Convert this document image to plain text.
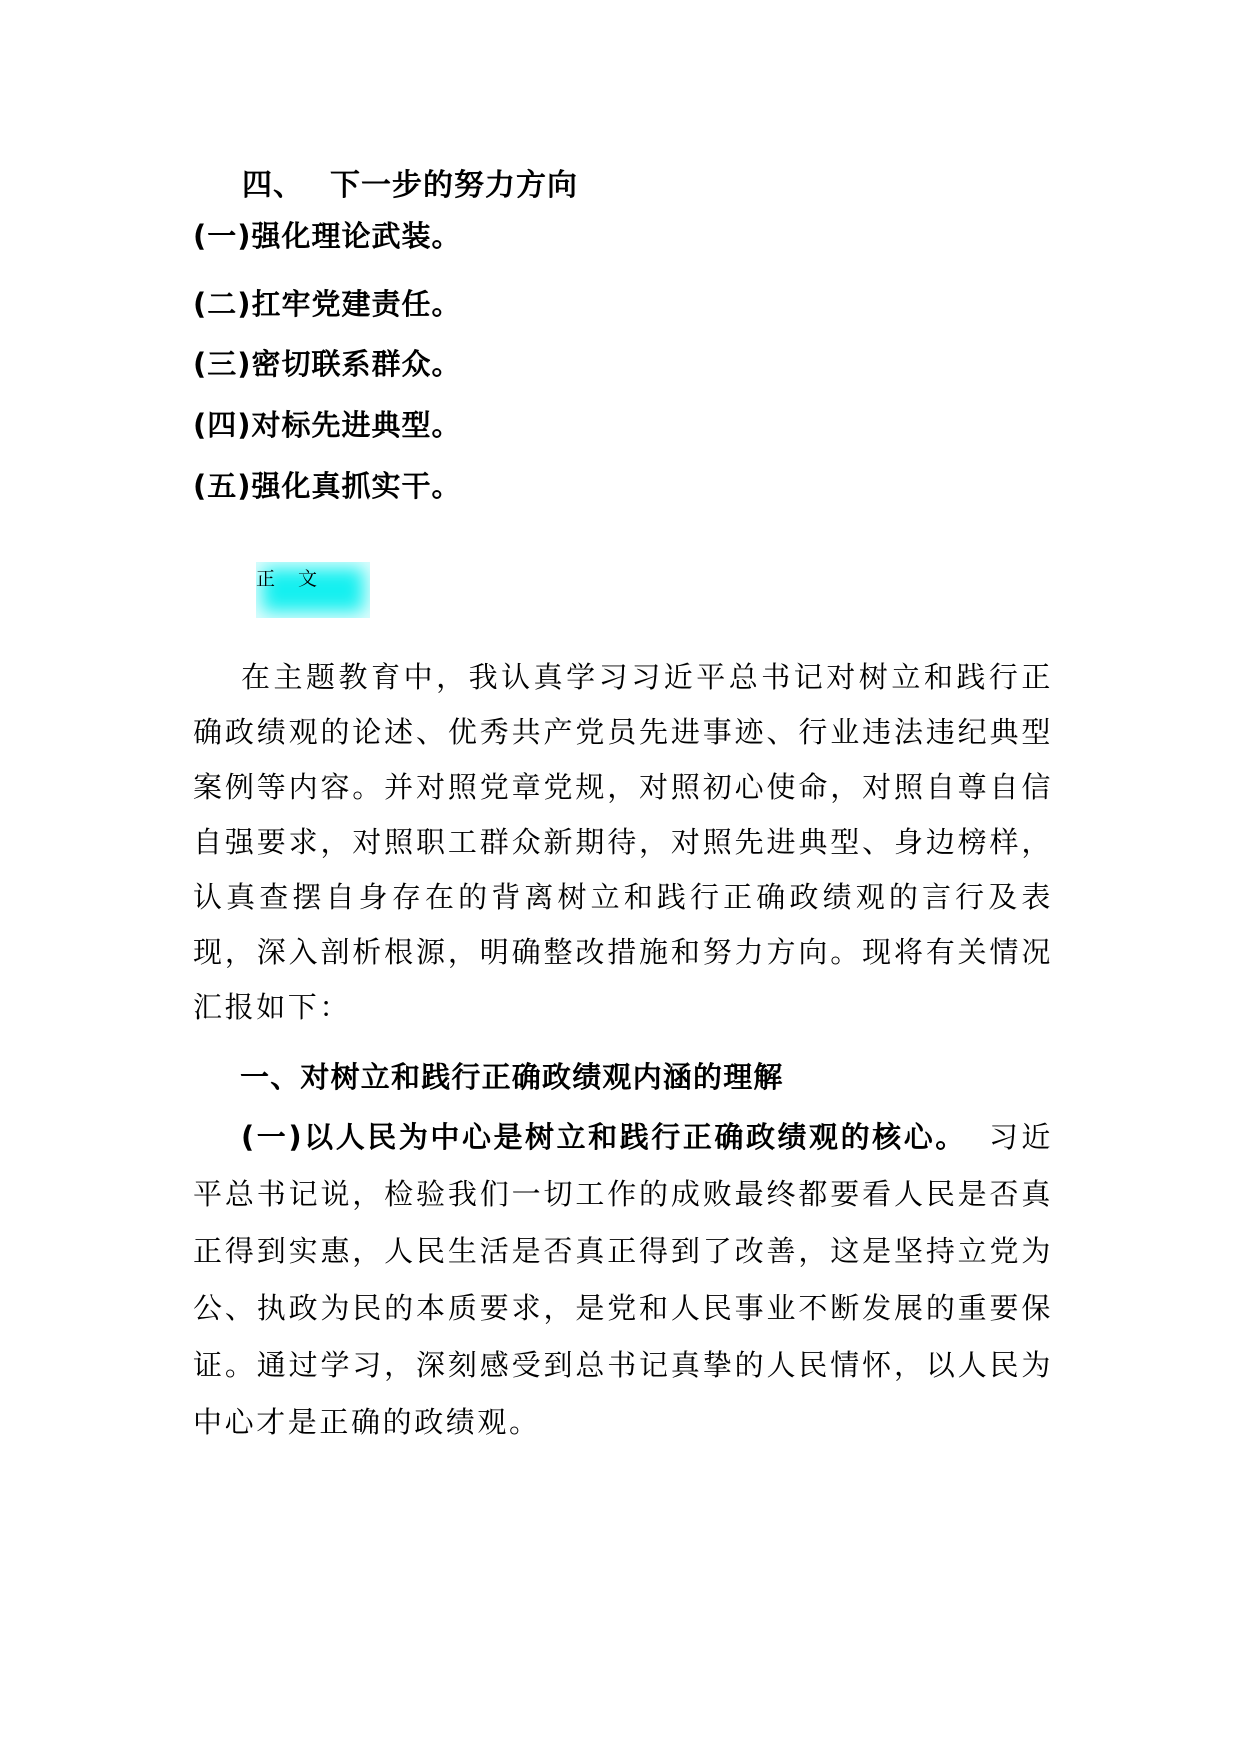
四、 下一步的努力方向
(一)强化理论武装。
(二)扛牢党建责任。
(三)密切联系群众。
(四)对标先进典型。
(五)强化真抓实干。
正　文
在主题教育中，我认真学习习近平总书记对树立和践行正确政绩观的论述、优秀共产党员先进事迹、行业违法违纪典型案例等内容。并对照党章党规，对照初心使命，对照自尊自信自强要求，对照职工群众新期待，对照先进典型、身边榜样，认真查摆自身存在的背离树立和践行正确政绩观的言行及表现，深入剖析根源，明确整改措施和努力方向。现将有关情况汇报如下：
一、对树立和践行正确政绩观内涵的理解
(一)以人民为中心是树立和践行正确政绩观的核心。 习近平总书记说，检验我们一切工作的成败最终都要看人民是否真正得到实惠，人民生活是否真正得到了改善，这是坚持立党为公、执政为民的本质要求，是党和人民事业不断发展的重要保证。通过学习，深刻感受到总书记真挚的人民情怀，以人民为中心才是正确的政绩观。
